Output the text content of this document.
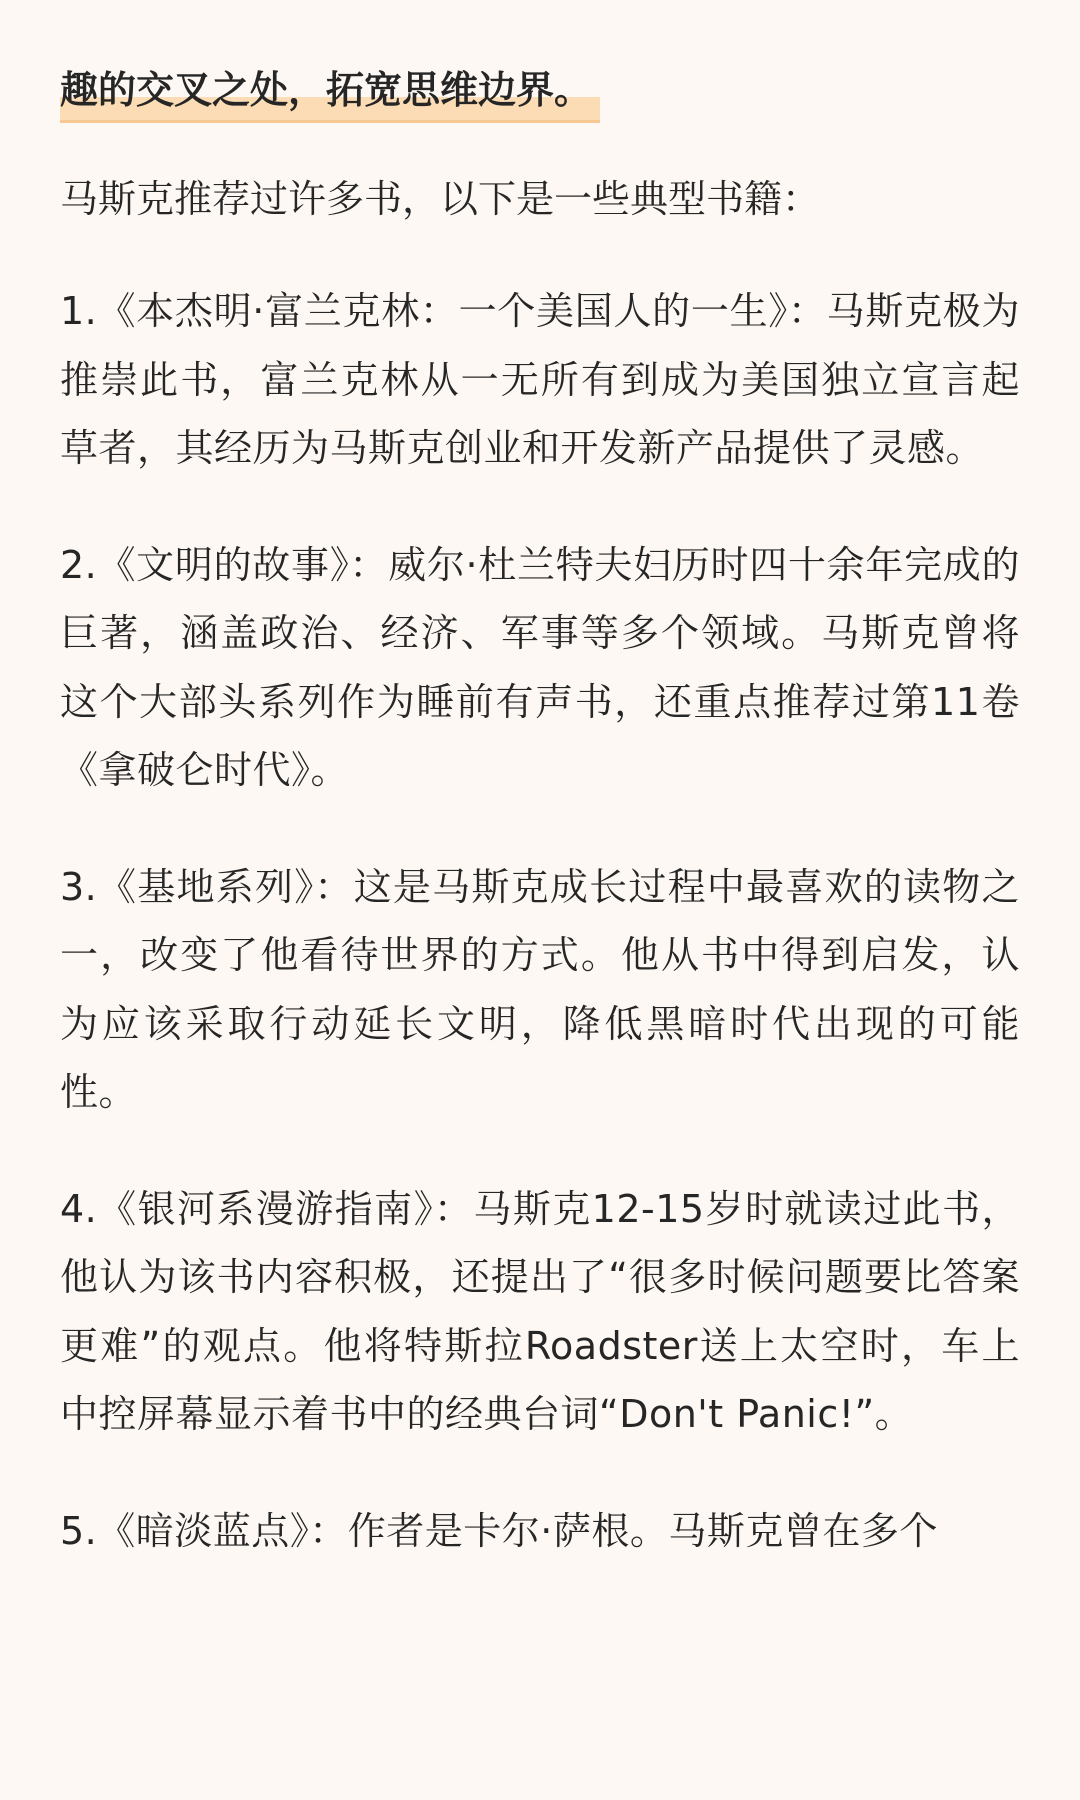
趣的交叉之处，拓宽思维边界。

马斯克推荐过许多书，以下是一些典型书籍：

1.《本杰明·富兰克林：一个美国人的一生》：马斯克极为推崇此书，富兰克林从一无所有到成为美国独立宣言起草者，其经历为马斯克创业和开发新产品提供了灵感。

2.《文明的故事》：威尔·杜兰特夫妇历时四十余年完成的巨著，涵盖政治、经济、军事等多个领域。马斯克曾将这个大部头系列作为睡前有声书，还重点推荐过第11卷《拿破仑时代》。

3.《基地系列》：这是马斯克成长过程中最喜欢的读物之一，改变了他看待世界的方式。他从书中得到启发，认为应该采取行动延长文明，降低黑暗时代出现的可能性。

4.《银河系漫游指南》：马斯克12-15岁时就读过此书，他认为该书内容积极，还提出了“很多时候问题要比答案更难”的观点。他将特斯拉Roadster送上太空时，车上中控屏幕显示着书中的经典台词“Don't Panic!”。

5.《暗淡蓝点》：作者是卡尔·萨根。马斯克曾在多个
